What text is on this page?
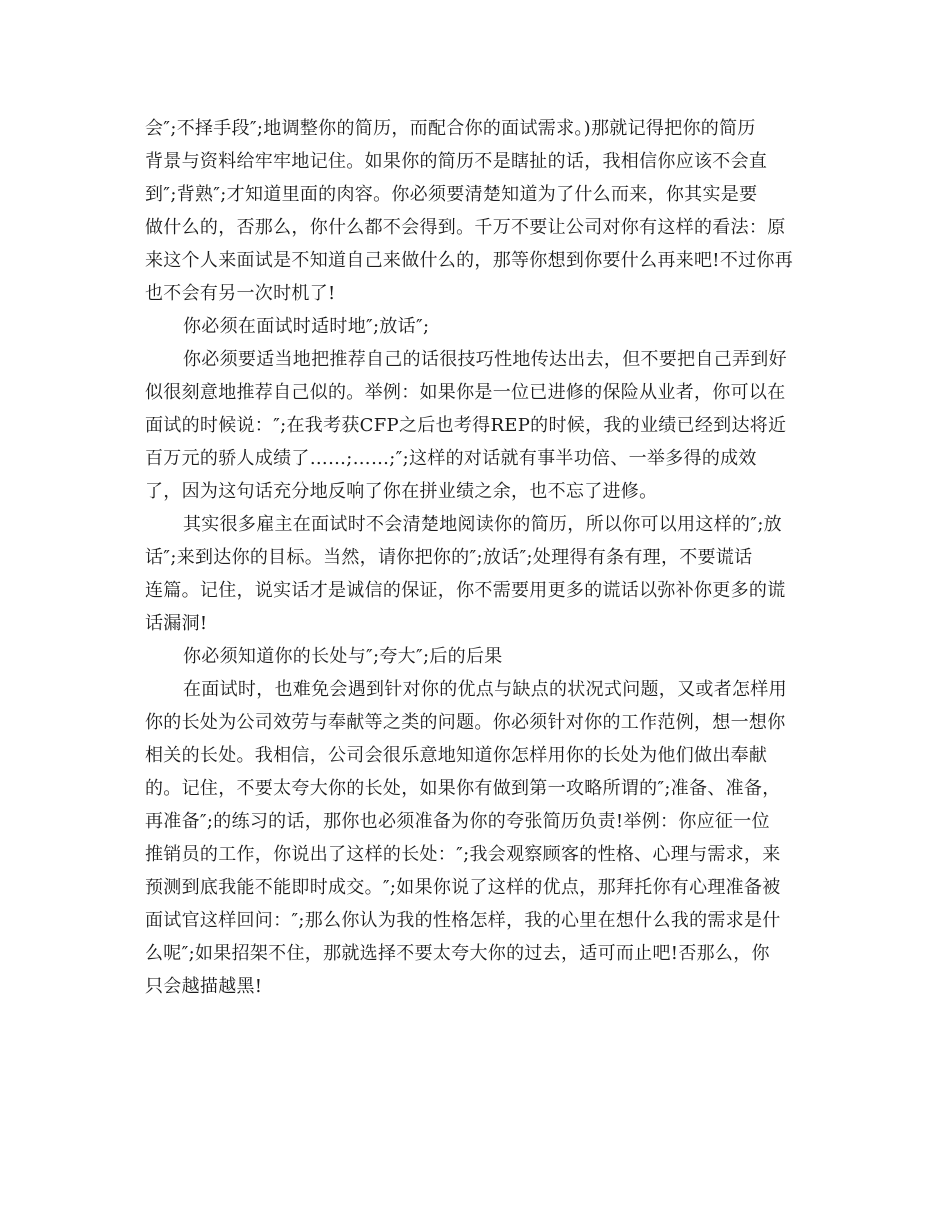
会″;不择手段″;地调整你的简历，而配合你的面试需求。)那就记得把你的简历
背景与资料给牢牢地记住。如果你的简历不是瞎扯的话，我相信你应该不会直
到″;背熟″;才知道里面的肉容。你必须要清楚知道为了什么而来，你其实是要
做什么的，否那么，你什么都不会得到。千万不要让公司对你有这样的看法：原
来这个人来面试是不知道自己来做什么的，那等你想到你要什么再来吧!不过你再
也不会有另一次时机了!
你必须在面试时适时地″;放话″;
你必须要适当地把推荐自己的话很技巧性地传达出去，但不要把自己弄到好
似很刻意地推荐自己似的。举例：如果你是一位已进修的保险从业者，你可以在
面试的时候说：″;在我考获CFP之后也考得REP的时候，我的业绩已经到达将近
百万元的骄人成绩了……;……;″;这样的对话就有事半功倍、一举多得的成效
了，因为这句话充分地反响了你在拼业绩之余，也不忘了进修。
其实很多雇主在面试时不会清楚地阅读你的简历，所以你可以用这样的″;放
话″;来到达你的目标。当然，请你把你的″;放话″;处理得有条有理，不要谎话
连篇。记住，说实话才是诚信的保证，你不需要用更多的谎话以弥补你更多的谎
话漏洞!
你必须知道你的长处与″;夸大″;后的后果
在面试时，也难免会遇到针对你的优点与缺点的状况式问题，又或者怎样用
你的长处为公司效劳与奉献等之类的问题。你必须针对你的工作范例，想一想你
相关的长处。我相信，公司会很乐意地知道你怎样用你的长处为他们做出奉献
的。记住，不要太夸大你的长处，如果你有做到第一攻略所谓的″;准备、准备，
再准备″;的练习的话，那你也必须准备为你的夸张简历负责!举例：你应征一位
推销员的工作，你说出了这样的长处：″;我会观察顾客的性格、心理与需求，来
预测到底我能不能即时成交。″;如果你说了这样的优点，那拜托你有心理准备被
面试官这样回问：″;那么你认为我的性格怎样，我的心里在想什么我的需求是什
么呢″;如果招架不住，那就选择不要太夸大你的过去，适可而止吧!否那么，你
只会越描越黑!
